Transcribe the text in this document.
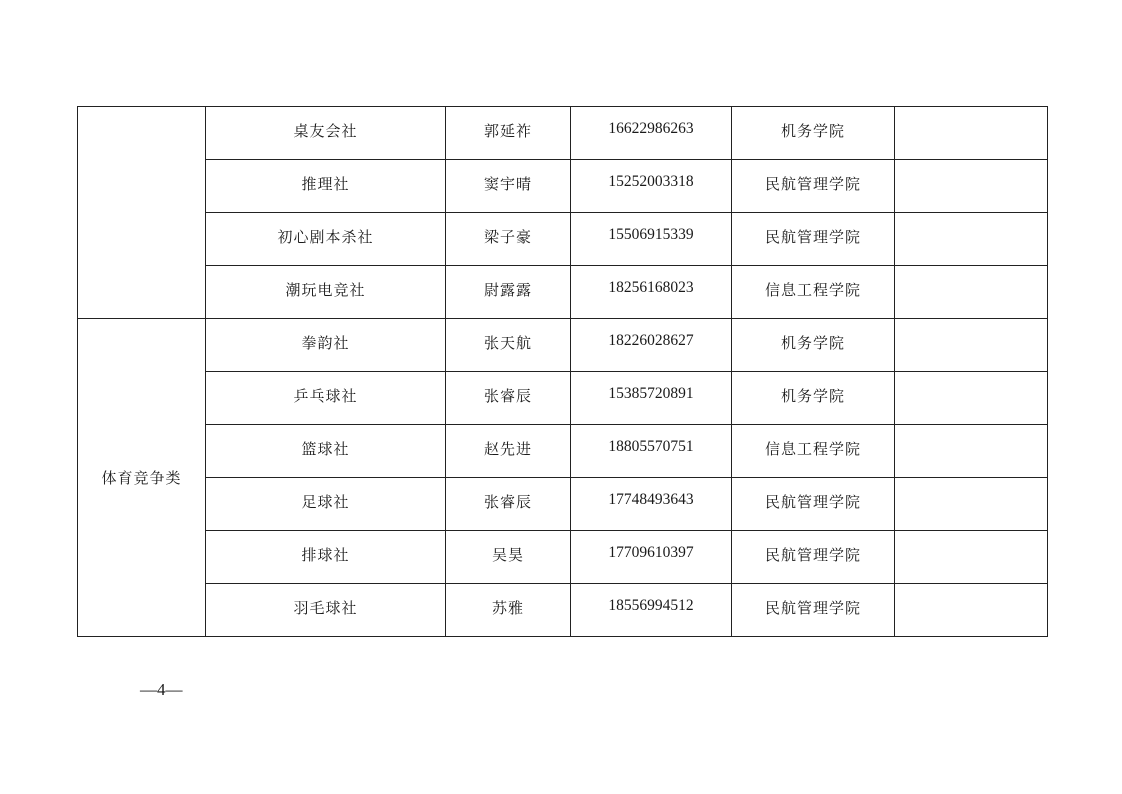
	桌友会社	郭延祚	16622986263	机务学院	
	推理社	窦宇晴	15252003318	民航管理学院	
	初心剧本杀社	梁子豪	15506915339	民航管理学院	
	潮玩电竞社	尉露露	18256168023	信息工程学院	
体育竞争类	拳韵社	张天航	18226028627	机务学院	
	乒乓球社	张睿辰	15385720891	机务学院	
	篮球社	赵先进	18805570751	信息工程学院	
	足球社	张睿辰	17748493643	民航管理学院	
	排球社	吴昊	17709610397	民航管理学院	
	羽毛球社	苏雅	18556994512	民航管理学院	
—4—
